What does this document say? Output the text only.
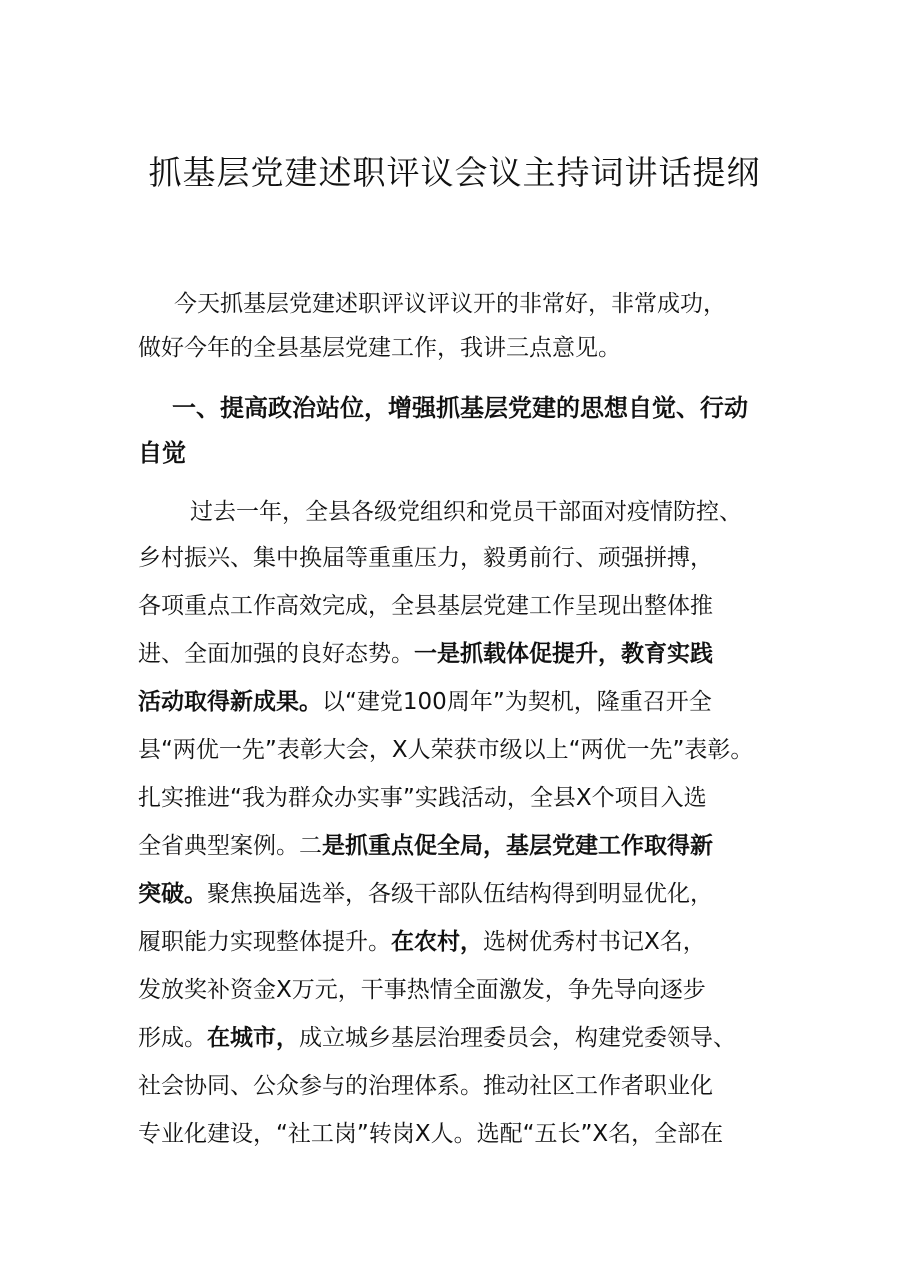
抓基层党建述职评议会议主持词讲话提纲

今天抓基层党建述职评议评议开的非常好，非常成功，

做好今年的全县基层党建工作，我讲三点意见。

一、提高政治站位，增强抓基层党建的思想自觉、行动

自觉

过去一年，全县各级党组织和党员干部面对疫情防控、

乡村振兴、集中换届等重重压力，毅勇前行、顽强拼搏，

各项重点工作高效完成，全县基层党建工作呈现出整体推

进、全面加强的良好态势。一是抓载体促提升，教育实践

活动取得新成果。以“建党100周年”为契机，隆重召开全

县“两优一先”表彰大会，X人荣获市级以上“两优一先”表彰。

扎实推进“我为群众办实事”实践活动，全县X个项目入选

全省典型案例。二是抓重点促全局，基层党建工作取得新

突破。聚焦换届选举，各级干部队伍结构得到明显优化，

履职能力实现整体提升。在农村，选树优秀村书记X名，

发放奖补资金X万元，干事热情全面激发，争先导向逐步

形成。在城市，成立城乡基层治理委员会，构建党委领导、

社会协同、公众参与的治理体系。推动社区工作者职业化

专业化建设，“社工岗”转岗X人。选配“五长”X名，全部在
